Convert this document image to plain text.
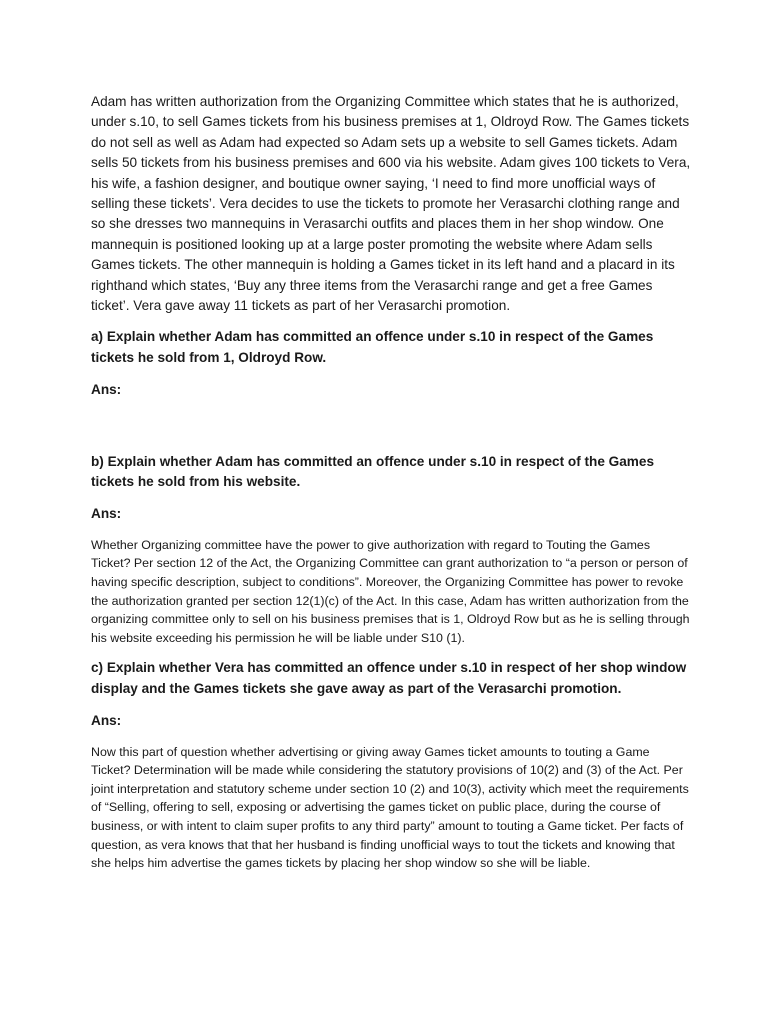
Adam has written authorization from the Organizing Committee which states that he is authorized, under s.10, to sell Games tickets from his business premises at 1, Oldroyd Row. The Games tickets do not sell as well as Adam had expected so Adam sets up a website to sell Games tickets. Adam sells 50 tickets from his business premises and 600 via his website. Adam gives 100 tickets to Vera, his wife, a fashion designer, and boutique owner saying, ‘I need to find more unofficial ways of selling these tickets’. Vera decides to use the tickets to promote her Verasarchi clothing range and so she dresses two mannequins in Verasarchi outfits and places them in her shop window. One mannequin is positioned looking up at a large poster promoting the website where Adam sells Games tickets. The other mannequin is holding a Games ticket in its left hand and a placard in its righthand which states, ‘Buy any three items from the Verasarchi range and get a free Games ticket’. Vera gave away 11 tickets as part of her Verasarchi promotion.

a) Explain whether Adam has committed an offence under s.10 in respect of the Games tickets he sold from 1, Oldroyd Row.

Ans:

b) Explain whether Adam has committed an offence under s.10 in respect of the Games tickets he sold from his website.

Ans:

Whether Organizing committee have the power to give authorization with regard to Touting the Games Ticket? Per section 12 of the Act, the Organizing Committee can grant authorization to “a person or person of having specific description, subject to conditions”. Moreover, the Organizing Committee has power to revoke the authorization granted per section 12(1)(c) of the Act. In this case, Adam has written authorization from the organizing committee only to sell on his business premises that is 1, Oldroyd Row but as he is selling through his website exceeding his permission he will be liable under S10 (1).

c) Explain whether Vera has committed an offence under s.10 in respect of her shop window display and the Games tickets she gave away as part of the Verasarchi promotion.

Ans:

Now this part of question whether advertising or giving away Games ticket amounts to touting a Game Ticket? Determination will be made while considering the statutory provisions of 10(2) and (3) of the Act. Per joint interpretation and statutory scheme under section 10 (2) and 10(3), activity which meet the requirements of “Selling, offering to sell, exposing or advertising the games ticket on public place, during the course of business, or with intent to claim super profits to any third party” amount to touting a Game ticket. Per facts of question, as vera knows that that her husband is finding unofficial ways to tout the tickets and knowing that she helps him advertise the games tickets by placing her shop window so she will be liable.
